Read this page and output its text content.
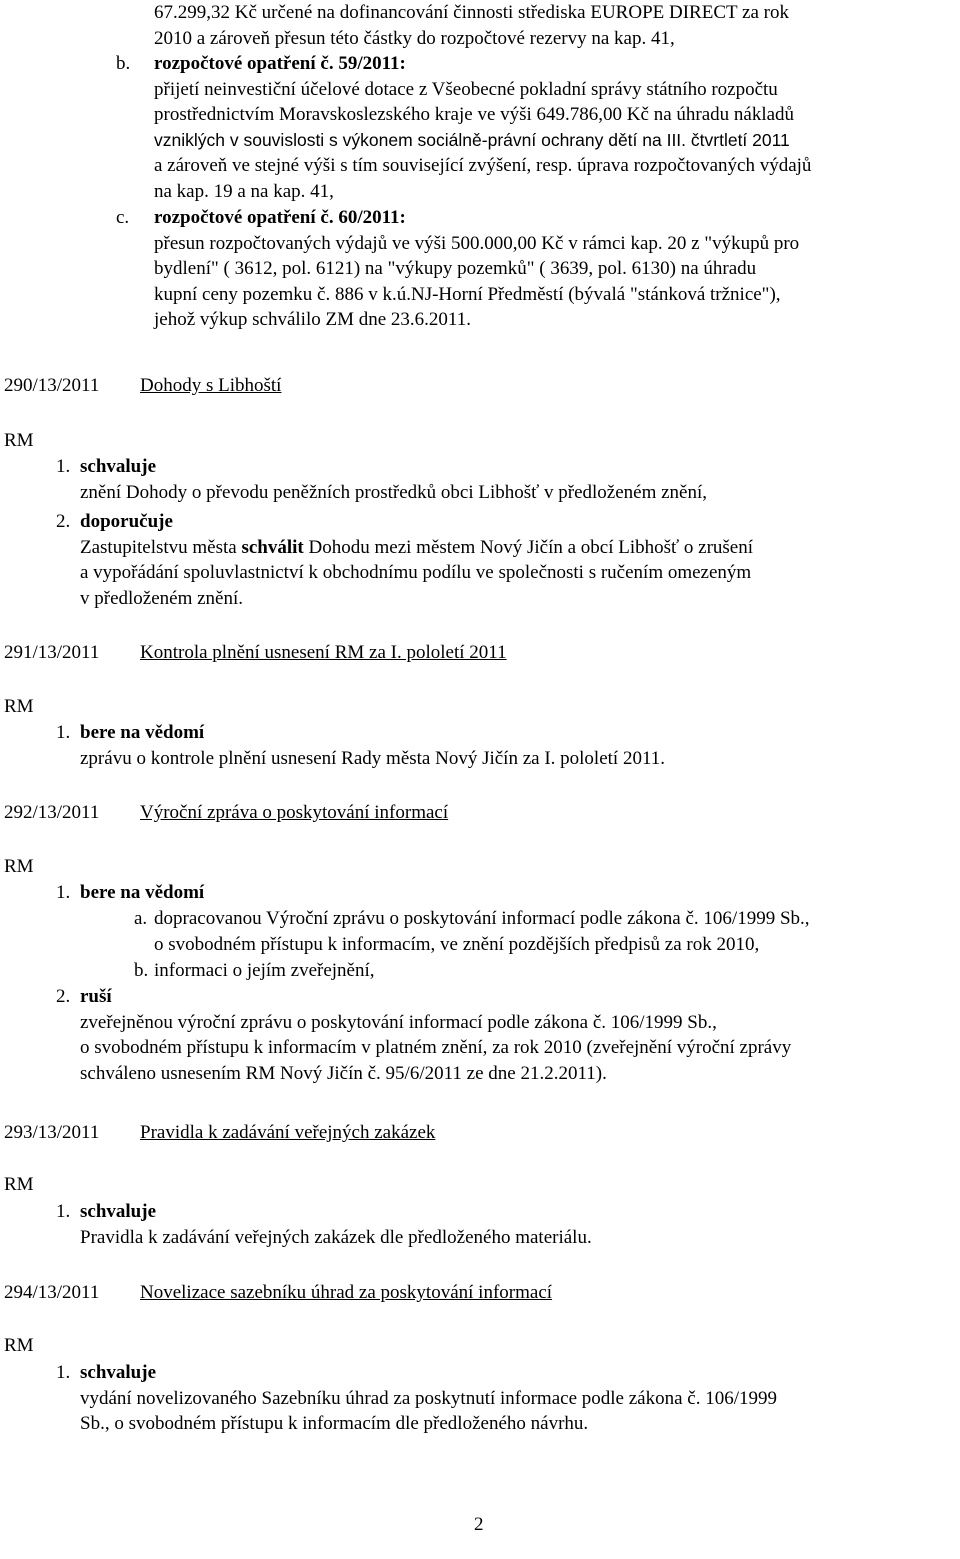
67.299,32 Kč určené na dofinancování činnosti střediska EUROPE DIRECT za rok
2010 a zároveň přesun této částky do rozpočtové rezervy na kap. 41,
b. rozpočtové opatření č. 59/2011:
přijetí neinvestiční účelové dotace z Všeobecné pokladní správy státního rozpočtu
prostřednictvím Moravskoslezského kraje ve výši 649.786,00 Kč na úhradu nákladů
vzniklých v souvislosti s výkonem sociálně-právní ochrany dětí na III. čtvrtletí 2011
a zároveň ve stejné výši s tím související zvýšení, resp. úprava rozpočtovaných výdajů
na kap. 19 a na kap. 41,
c. rozpočtové opatření č. 60/2011:
přesun rozpočtovaných výdajů ve výši 500.000,00 Kč v rámci kap. 20 z "výkupů pro
bydlení" ( 3612, pol. 6121) na "výkupy pozemků" ( 3639, pol. 6130) na úhradu
kupní ceny pozemku č. 886 v k.ú.NJ-Horní Předměstí (bývalá "stánková tržnice"),
jehož výkup schválilo ZM dne 23.6.2011.
290/13/2011 Dohody s Libhoští
RM
1. schvaluje
znění Dohody o převodu peněžních prostředků obci Libhošť v předloženém znění,
2. doporučuje
Zastupitelstvu města schválit Dohodu mezi městem Nový Jičín a obcí Libhošť o zrušení
a vypořádání spoluvlastnictví k obchodnímu podílu ve společnosti s ručením omezeným
v předloženém znění.
291/13/2011 Kontrola plnění usnesení RM za I. pololetí 2011
RM
1. bere na vědomí
zprávu o kontrole plnění usnesení Rady města Nový Jičín za I. pololetí 2011.
292/13/2011 Výroční zpráva o poskytování informací
RM
1. bere na vědomí
a. dopracovanou Výroční zprávu o poskytování informací podle zákona č. 106/1999 Sb.,
o svobodném přístupu k informacím, ve znění pozdějších předpisů za rok 2010,
b. informaci o jejím zveřejnění,
2. ruší
zveřejněnou výroční zprávu o poskytování informací podle zákona č. 106/1999 Sb.,
o svobodném přístupu k informacím v platném znění, za rok 2010 (zveřejnění výroční zprávy
schváleno usnesením RM Nový Jičín č. 95/6/2011 ze dne 21.2.2011).
293/13/2011 Pravidla k zadávání veřejných zakázek
RM
1. schvaluje
Pravidla k zadávání veřejných zakázek dle předloženého materiálu.
294/13/2011 Novelizace sazebníku úhrad za poskytování informací
RM
1. schvaluje
vydání novelizovaného Sazebníku úhrad za poskytnutí informace podle zákona č. 106/1999
Sb., o svobodném přístupu k informacím dle předloženého návrhu.
2
